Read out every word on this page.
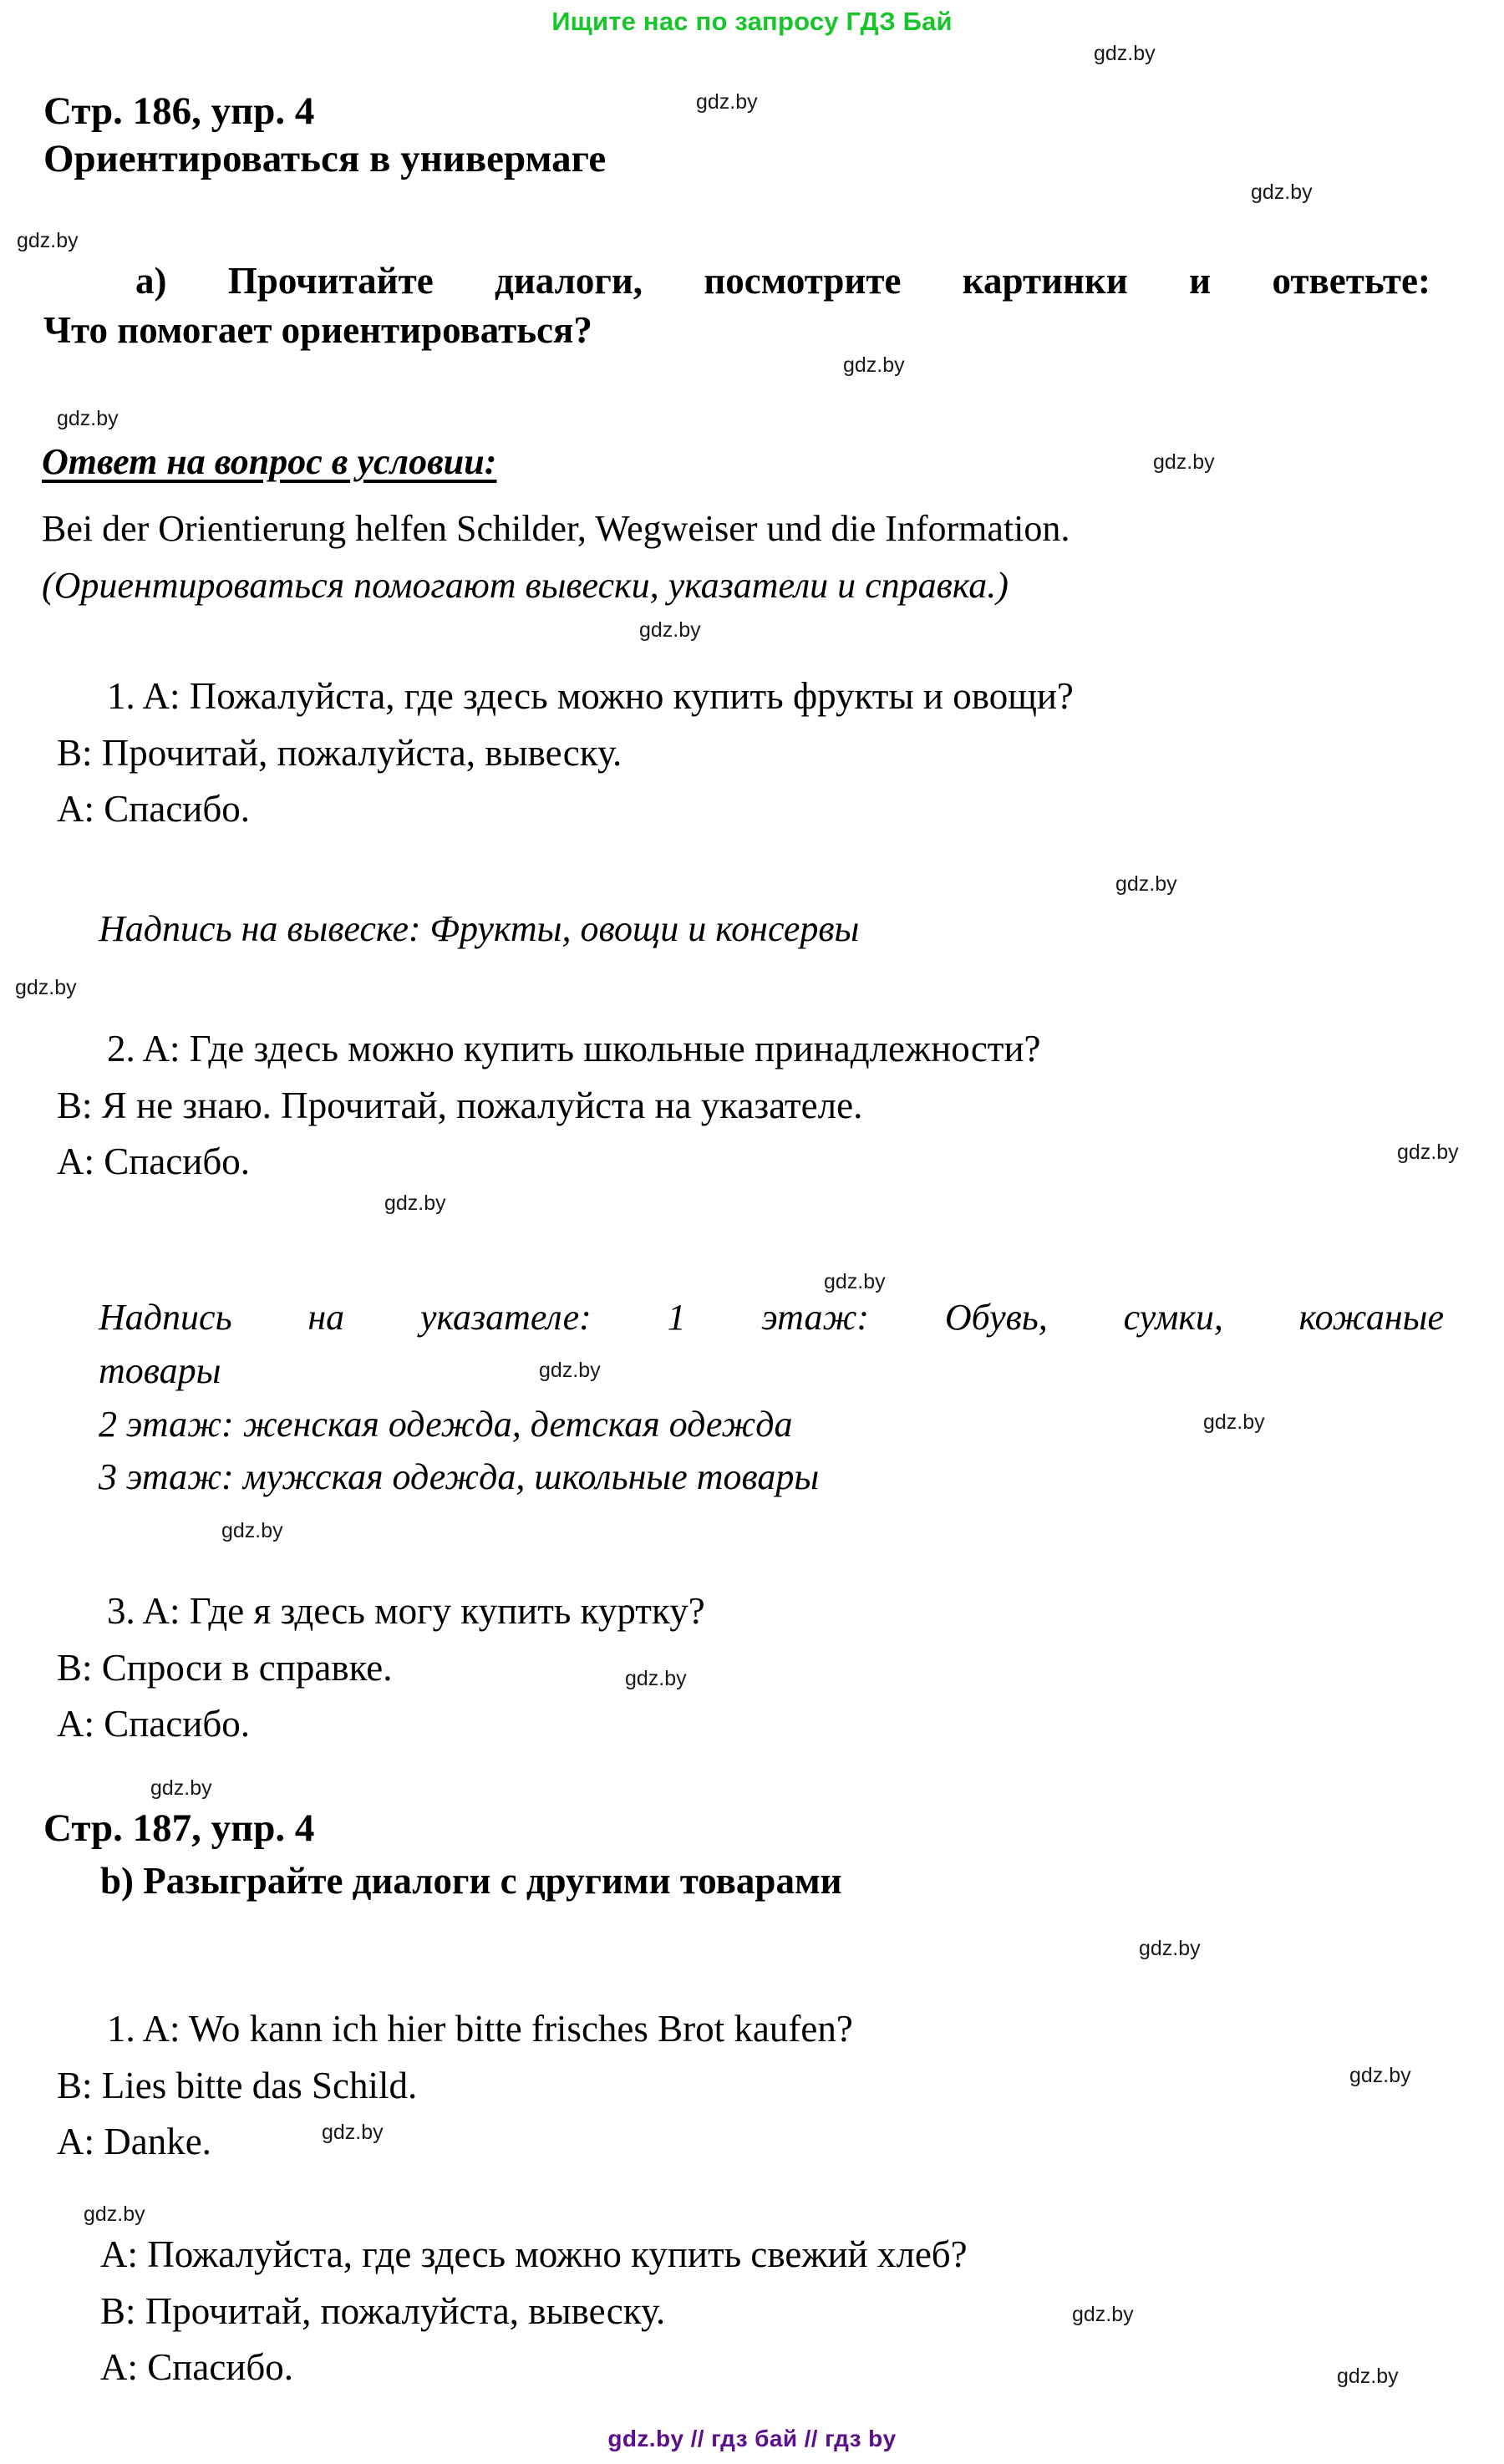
Ищите нас по запросу ГДЗ Бай
Стр. 186, упр. 4
Ориентироваться в универмаге
a) Прочитайте диалоги, посмотрите картинки и ответьте:
Что помогает ориентироваться?
Ответ на вопрос в условии:
Bei der Orientierung helfen Schilder, Wegweiser und die Information.
(Ориентироваться помогают вывески, указатели и справка.)
1. A: Пожалуйста, где здесь можно купить фрукты и овощи?
B: Прочитай, пожалуйста, вывеску.
A: Спасибо.
Надпись на вывеске: Фрукты, овощи и консервы
2. A: Где здесь можно купить школьные принадлежности?
B: Я не знаю. Прочитай, пожалуйста на указателе.
A: Спасибо.
Надпись на указателе: 1 этаж: Обувь, сумки, кожаные
товары
2 этаж: женская одежда, детская одежда
3 этаж: мужская одежда, школьные товары
3. A: Где я здесь могу купить куртку?
B: Спроси в справке.
A: Спасибо.
Стр. 187, упр. 4
b) Разыграйте диалоги с другими товарами
1. A: Wo kann ich hier bitte frisches Brot kaufen?
B: Lies bitte das Schild.
A: Danke.
A: Пожалуйста, где здесь можно купить свежий хлеб?
B: Прочитай, пожалуйста, вывеску.
A: Спасибо.
gdz.by
gdz.by
gdz.by
gdz.by
gdz.by
gdz.by
gdz.by
gdz.by
gdz.by
gdz.by
gdz.by
gdz.by
gdz.by
gdz.by
gdz.by
gdz.by
gdz.by
gdz.by
gdz.by
gdz.by
gdz.by
gdz.by
gdz.by
gdz.by
gdz.by // гдз бай // гдз by
